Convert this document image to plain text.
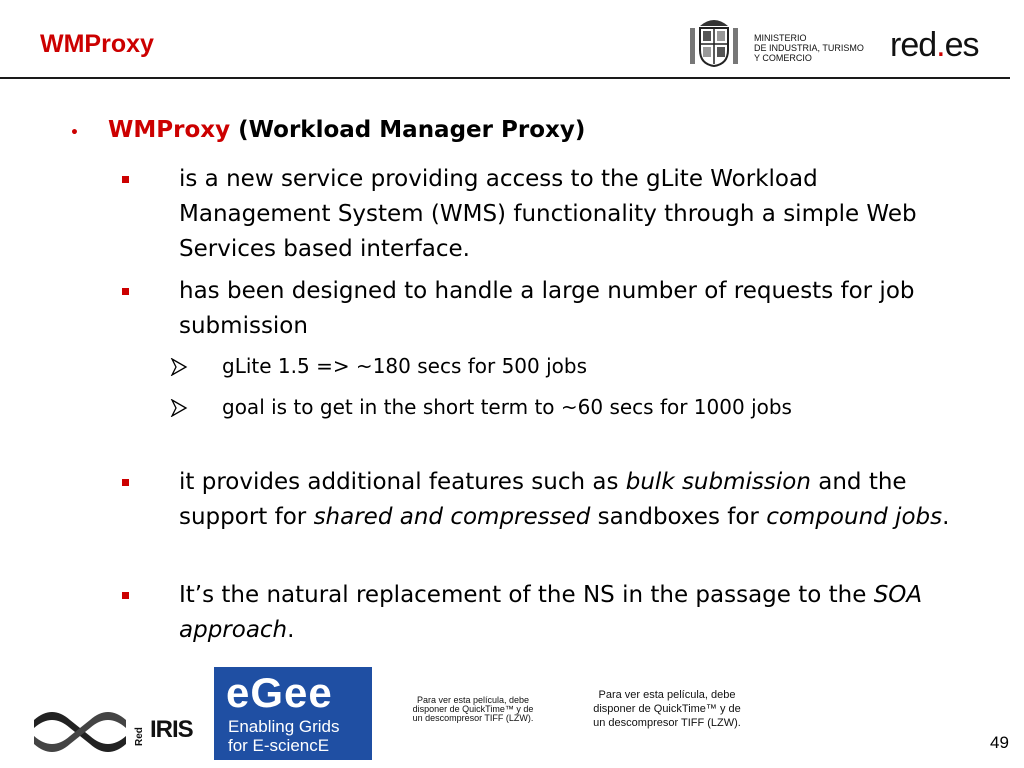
WMProxy	MINISTERIO
DE INDUSTRIA, TURISMO
Y COMERCIO	red.es
• WMProxy (Workload Manager Proxy)
is a new service providing access to the gLite Workload Management System (WMS) functionality through a simple Web Services based interface.
has been designed to handle a large number of requests for job submission
gLite 1.5 => ~180 secs for 500 jobs
goal is to get in the short term to ~60 secs for 1000 jobs
it provides additional features such as bulk submission and the support for shared and compressed sandboxes for compound jobs.
It’s the natural replacement of the NS in the passage to the SOA approach.
Red IRIS
eGee
Enabling Grids
for E-sciencE
Para ver esta película, debe
disponer de QuickTime™ y de
un descompresor TIFF (LZW).
Para ver esta película, debe
disponer de QuickTime™ y de
un descompresor TIFF (LZW).
49
